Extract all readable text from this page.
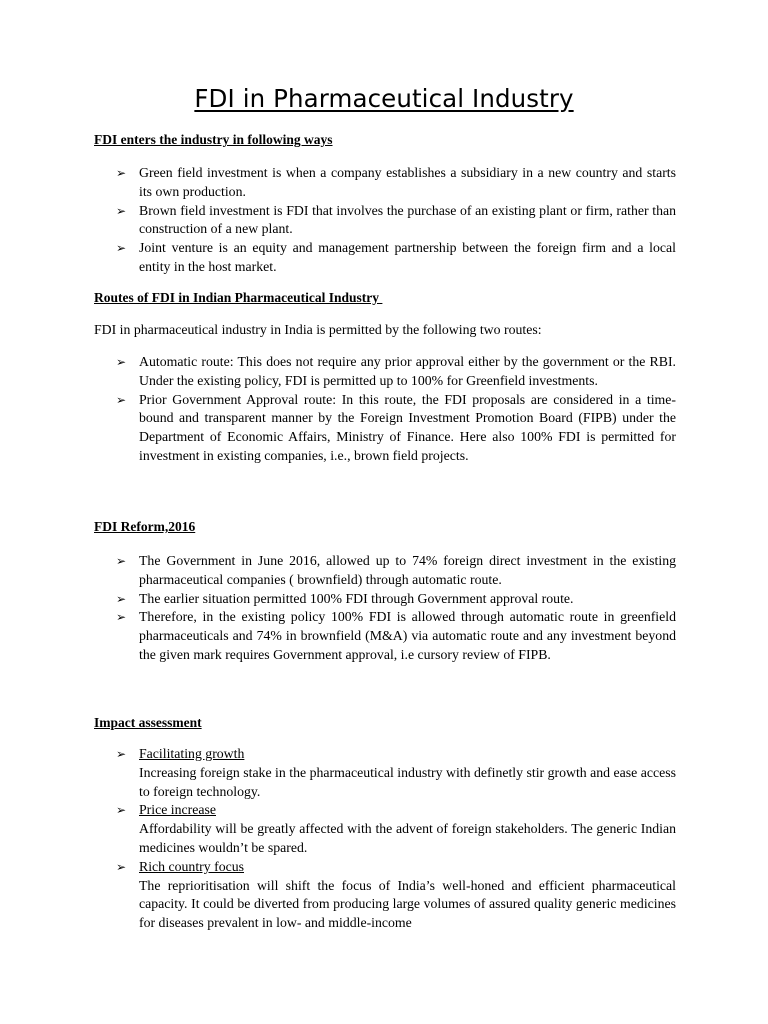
FDI in Pharmaceutical Industry
FDI enters the industry in following ways
➢ Green field investment is when a company establishes a subsidiary in a new country and starts its own production.
➢ Brown field investment is FDI that involves the purchase of an existing plant or firm, rather than construction of a new plant.
➢ Joint venture is an equity and management partnership between the foreign firm and a local entity in the host market.
Routes of FDI in Indian Pharmaceutical Industry
FDI in pharmaceutical industry in India is permitted by the following two routes:
➢ Automatic route: This does not require any prior approval either by the government or the RBI. Under the existing policy, FDI is permitted up to 100% for Greenfield investments.
➢ Prior Government Approval route: In this route, the FDI proposals are considered in a time-bound and transparent manner by the Foreign Investment Promotion Board (FIPB) under the Department of Economic Affairs, Ministry of Finance. Here also 100% FDI is permitted for investment in existing companies, i.e., brown field projects.
FDI Reform,2016
➢ The Government in June 2016, allowed up to 74% foreign direct investment in the existing pharmaceutical companies ( brownfield) through automatic route.
➢ The earlier situation permitted 100% FDI through Government approval route.
➢ Therefore, in the existing policy 100% FDI is allowed through automatic route in greenfield pharmaceuticals and 74% in brownfield (M&A) via automatic route and any investment beyond the given mark requires Government approval, i.e cursory review of FIPB.
Impact assessment
➢ Facilitating growth
Increasing foreign stake in the pharmaceutical industry with definetly stir growth and ease access to foreign technology.
➢ Price increase
Affordability will be greatly affected with the advent of foreign stakeholders. The generic Indian medicines wouldn’t be spared.
➢ Rich country focus
The reprioritisation will shift the focus of India’s well-honed and efficient pharmaceutical capacity. It could be diverted from producing large volumes of assured quality generic medicines for diseases prevalent in low- and middle-income
